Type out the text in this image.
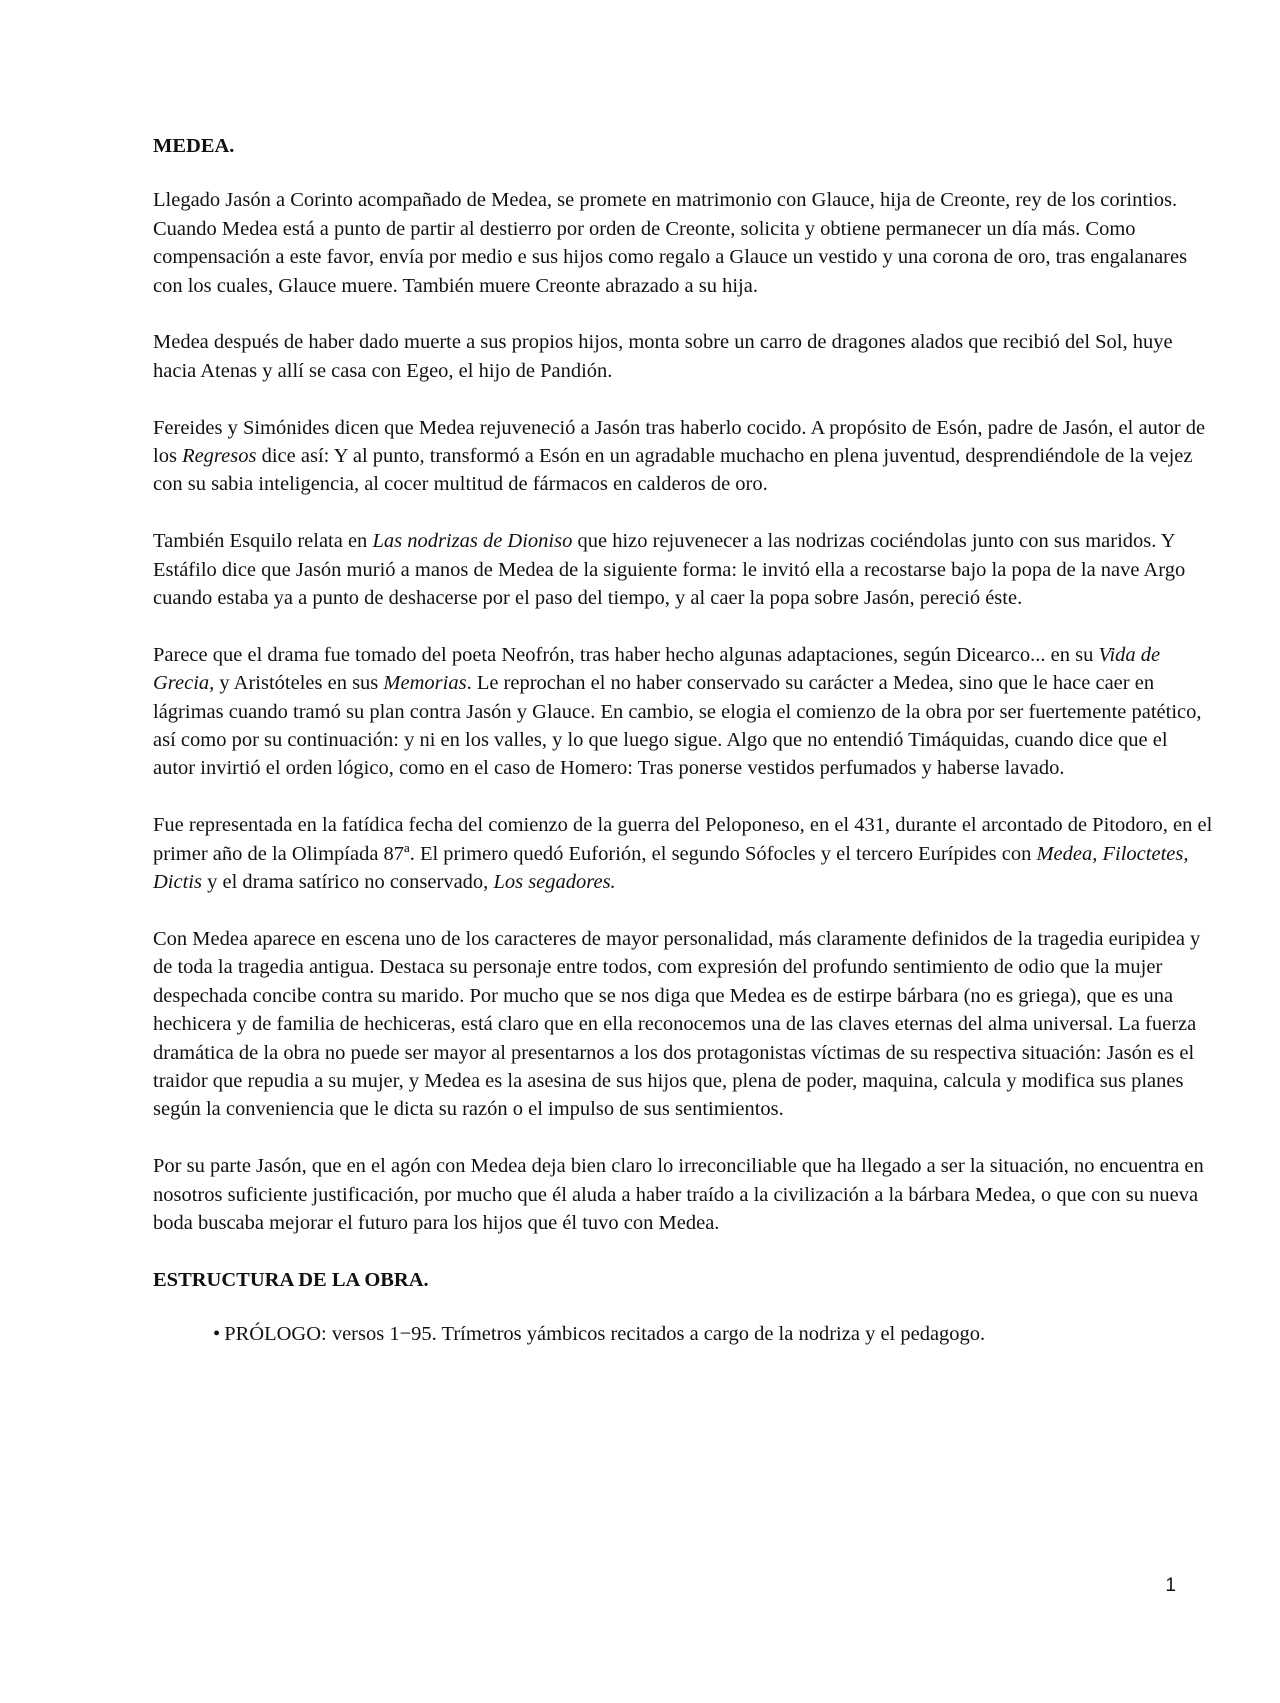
MEDEA.

Llegado Jasón a Corinto acompañado de Medea, se promete en matrimonio con Glauce, hija de Creonte, rey de los corintios. Cuando Medea está a punto de partir al destierro por orden de Creonte, solicita y obtiene permanecer un día más. Como compensación a este favor, envía por medio e sus hijos como regalo a Glauce un vestido y una corona de oro, tras engalanares con los cuales, Glauce muere. También muere Creonte abrazado a su hija.

Medea después de haber dado muerte a sus propios hijos, monta sobre un carro de dragones alados que recibió del Sol, huye hacia Atenas y allí se casa con Egeo, el hijo de Pandión.

Fereides y Simónides dicen que Medea rejuveneció a Jasón tras haberlo cocido. A propósito de Esón, padre de Jasón, el autor de los Regresos dice así: Y al punto, transformó a Esón en un agradable muchacho en plena juventud, desprendiéndole de la vejez con su sabia inteligencia, al cocer multitud de fármacos en calderos de oro.

También Esquilo relata en Las nodrizas de Dioniso que hizo rejuvenecer a las nodrizas cociéndolas junto con sus maridos. Y Estáfilo dice que Jasón murió a manos de Medea de la siguiente forma: le invitó ella a recostarse bajo la popa de la nave Argo cuando estaba ya a punto de deshacerse por el paso del tiempo, y al caer la popa sobre Jasón, pereció éste.

Parece que el drama fue tomado del poeta Neofrón, tras haber hecho algunas adaptaciones, según Dicearco... en su Vida de Grecia, y Aristóteles en sus Memorias. Le reprochan el no haber conservado su carácter a Medea, sino que le hace caer en lágrimas cuando tramó su plan contra Jasón y Glauce. En cambio, se elogia el comienzo de la obra por ser fuertemente patético, así como por su continuación: y ni en los valles, y lo que luego sigue. Algo que no entendió Timáquidas, cuando dice que el autor invirtió el orden lógico, como en el caso de Homero: Tras ponerse vestidos perfumados y haberse lavado.

Fue representada en la fatídica fecha del comienzo de la guerra del Peloponeso, en el 431, durante el arcontado de Pitodoro, en el primer año de la Olimpíada 87ª. El primero quedó Euforión, el segundo Sófocles y el tercero Eurípides con Medea, Filoctetes, Dictis y el drama satírico no conservado, Los segadores.

Con Medea aparece en escena uno de los caracteres de mayor personalidad, más claramente definidos de la tragedia euripidea y de toda la tragedia antigua. Destaca su personaje entre todos, com expresión del profundo sentimiento de odio que la mujer despechada concibe contra su marido. Por mucho que se nos diga que Medea es de estirpe bárbara (no es griega), que es una hechicera y de familia de hechiceras, está claro que en ella reconocemos una de las claves eternas del alma universal. La fuerza dramática de la obra no puede ser mayor al presentarnos a los dos protagonistas víctimas de su respectiva situación: Jasón es el traidor que repudia a su mujer, y Medea es la asesina de sus hijos que, plena de poder, maquina, calcula y modifica sus planes según la conveniencia que le dicta su razón o el impulso de sus sentimientos.

Por su parte Jasón, que en el agón con Medea deja bien claro lo irreconciliable que ha llegado a ser la situación, no encuentra en nosotros suficiente justificación, por mucho que él aluda a haber traído a la civilización a la bárbara Medea, o que con su nueva boda buscaba mejorar el futuro para los hijos que él tuvo con Medea.

ESTRUCTURA DE LA OBRA.
• PRÓLOGO: versos 1−95. Trímetros yámbicos recitados a cargo de la nodriza y el pedagogo.
1
